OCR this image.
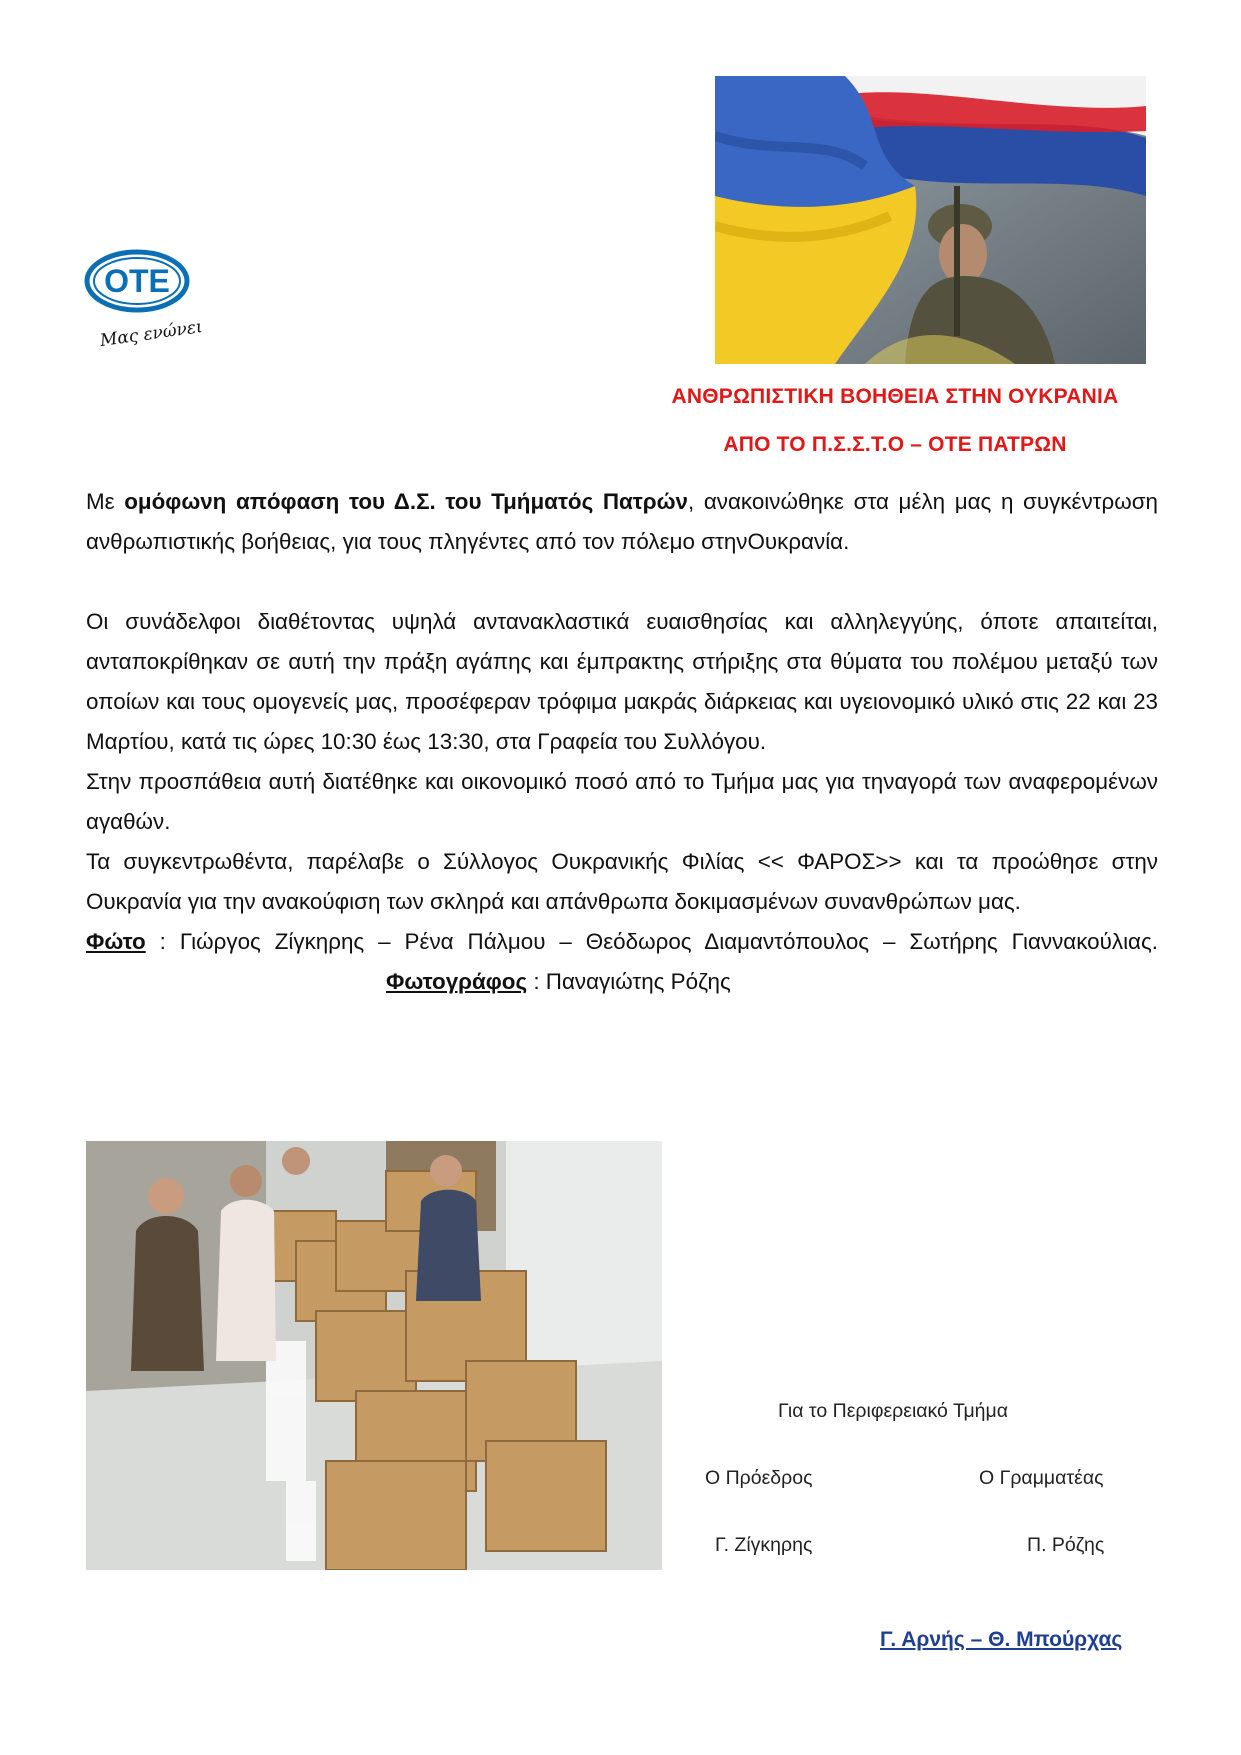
ΟΤΕ
Μας ενώνει
ΑΝΘΡΩΠΙΣΤΙΚΗ ΒΟΗΘΕΙΑ ΣΤΗΝ ΟΥΚΡΑΝΙΑ
ΑΠΟ ΤΟ Π.Σ.Σ.Τ.Ο – ΟΤΕ ΠΑΤΡΩΝ

Με ομόφωνη απόφαση του Δ.Σ. του Τμήματός Πατρών, ανακοινώθηκε στα μέλη μας η συγκέντρωση ανθρωπιστικής βοήθειας, για τους πληγέντες από τον πόλεμο στηνΟυκρανία.

Οι συνάδελφοι διαθέτοντας υψηλά αντανακλαστικά ευαισθησίας και αλληλεγγύης, όποτε απαιτείται, ανταποκρίθηκαν σε αυτή την πράξη αγάπης και έμπρακτης στήριξης στα θύματα του πολέμου μεταξύ των οποίων και τους ομογενείς μας, προσέφεραν τρόφιμα μακράς διάρκειας και υγειονομικό υλικό στις 22 και 23 Μαρτίου, κατά τις ώρες 10:30 έως 13:30, στα Γραφεία του Συλλόγου.

Στην προσπάθεια αυτή διατέθηκε και οικονομικό ποσό από το Τμήμα μας για τηναγορά των αναφερομένων αγαθών.

Τα συγκεντρωθέντα, παρέλαβε ο Σύλλογος Ουκρανικής Φιλίας << ΦΑΡΟΣ>> και τα προώθησε στην Ουκρανία για την ανακούφιση των σκληρά και απάνθρωπα δοκιμασμένων συνανθρώπων μας.

Φώτο : Γιώργος Ζίγκηρης – Ρένα Πάλμου – Θεόδωρος Διαμαντόπουλος – Σωτήρης Γιαννακούλιας. Φωτογράφος : Παναγιώτης Ρόζης

Για το Περιφερειακό Τμήμα
Ο Πρόεδρος	Ο Γραμματέας
Γ. Ζίγκηρης	Π. Ρόζης
Γ. Αρνής – Θ. Μπούρχας
